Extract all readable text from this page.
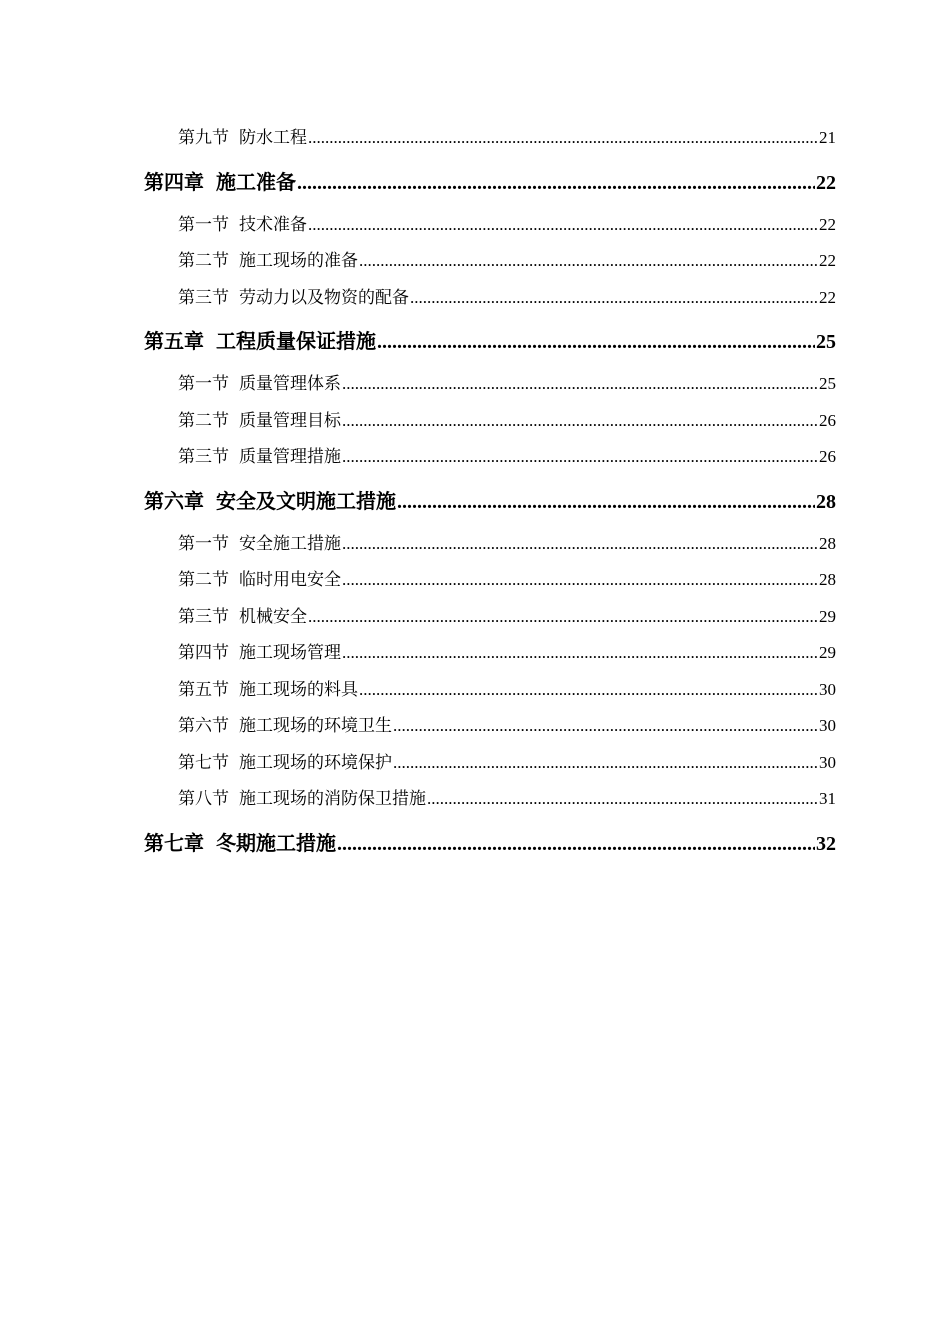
第九节 防水工程 .....	21
第四章 施工准备 .....	22
第一节 技术准备 .....	22
第二节 施工现场的准备 .....	22
第三节 劳动力以及物资的配备 .....	22
第五章 工程质量保证措施 .....	25
第一节 质量管理体系 .....	25
第二节 质量管理目标 .....	26
第三节 质量管理措施 .....	26
第六章 安全及文明施工措施 .....	28
第一节 安全施工措施 .....	28
第二节 临时用电安全 .....	28
第三节 机械安全 .....	29
第四节 施工现场管理 .....	29
第五节 施工现场的料具 .....	30
第六节 施工现场的环境卫生 .....	30
第七节 施工现场的环境保护 .....	30
第八节 施工现场的消防保卫措施 .....	31
第七章 冬期施工措施 .....	32
